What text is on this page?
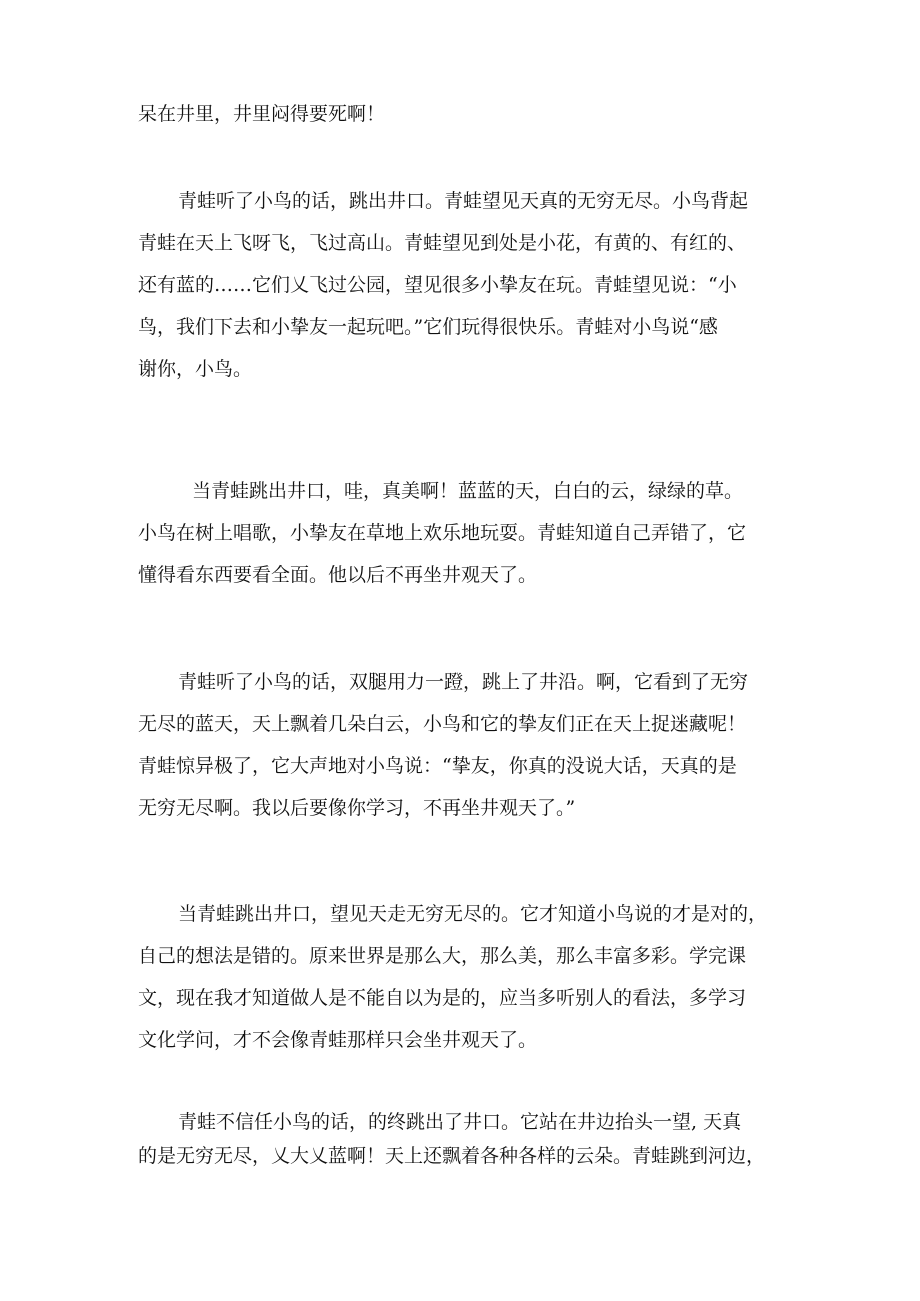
呆在井里，井里闷得要死啊！
青蛙听了小鸟的话，跳出井口。青蛙望见天真的无穷无尽。小鸟背起
青蛙在天上飞呀飞，飞过高山。青蛙望见到处是小花，有黄的、有红的、
还有蓝的……它们乂飞过公园，望见很多小挚友在玩。青蛙望见说：“小
鸟，我们下去和小挚友一起玩吧。”它们玩得很快乐。青蛙对小鸟说“感
谢你，小鸟。
当青蛙跳出井口，哇，真美啊！蓝蓝的天，白白的云，绿绿的草。
小鸟在树上唱歌，小挚友在草地上欢乐地玩耍。青蛙知道自己弄错了，它
懂得看东西要看全面。他以后不再坐井观天了。
青蛙听了小鸟的话，双腿用力一蹬，跳上了井沿。啊，它看到了无穷
无尽的蓝天，天上飘着几朵白云，小鸟和它的挚友们正在天上捉迷藏呢！
青蛙惊异极了，它大声地对小鸟说：“挚友，你真的没说大话，天真的是
无穷无尽啊。我以后要像你学习，不再坐井观天了。”
当青蛙跳出井口，望见天走无穷无尽的。它才知道小鸟说的才是对的，
自己的想法是错的。原来世界是那么大，那么美，那么丰富多彩。学完课
文，现在我才知道做人是不能自以为是的，应当多听别人的看法，多学习
文化学问，才不会像青蛙那样只会坐井观天了。
青蛙不信任小鸟的话，的终跳出了井口。它站在井边抬头一望, 天真
的是无穷无尽，乂大乂蓝啊！天上还飘着各种各样的云朵。青蛙跳到河边，
